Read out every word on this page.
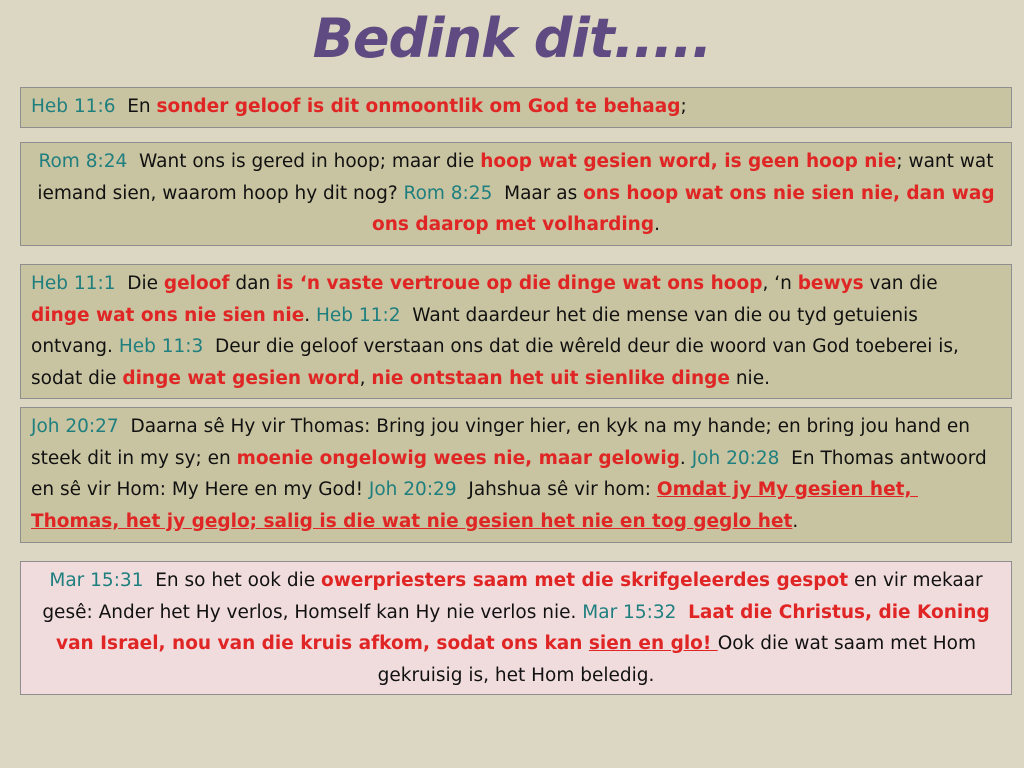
Bedink dit.....
Heb 11:6  En sonder geloof is dit onmoontlik om God te behaag;
Rom 8:24  Want ons is gered in hoop; maar die hoop wat gesien word, is geen hoop nie; want wat iemand sien, waarom hoop hy dit nog? Rom 8:25  Maar as ons hoop wat ons nie sien nie, dan wag ons daarop met volharding.
Heb 11:1  Die geloof dan is ‘n vaste vertroue op die dinge wat ons hoop, ‘n bewys van die dinge wat ons nie sien nie. Heb 11:2  Want daardeur het die mense van die ou tyd getuienis ontvang. Heb 11:3  Deur die geloof verstaan ons dat die wêreld deur die woord van God toeberei is, sodat die dinge wat gesien word, nie ontstaan het uit sienlike dinge nie.
Joh 20:27  Daarna sê Hy vir Thomas: Bring jou vinger hier, en kyk na my hande; en bring jou hand en steek dit in my sy; en moenie ongelowig wees nie, maar gelowig. Joh 20:28  En Thomas antwoord en sê vir Hom: My Here en my God! Joh 20:29  Jahshua sê vir hom: Omdat jy My gesien het, Thomas, het jy geglo; salig is die wat nie gesien het nie en tog geglo het.
Mar 15:31  En so het ook die owerpriesters saam met die skrifgeleerdes gespot en vir mekaar gesê: Ander het Hy verlos, Homself kan Hy nie verlos nie. Mar 15:32 Laat die Christus, die Koning van Israel, nou van die kruis afkom, sodat ons kan sien en glo! Ook die wat saam met Hom gekruisig is, het Hom beledig.
